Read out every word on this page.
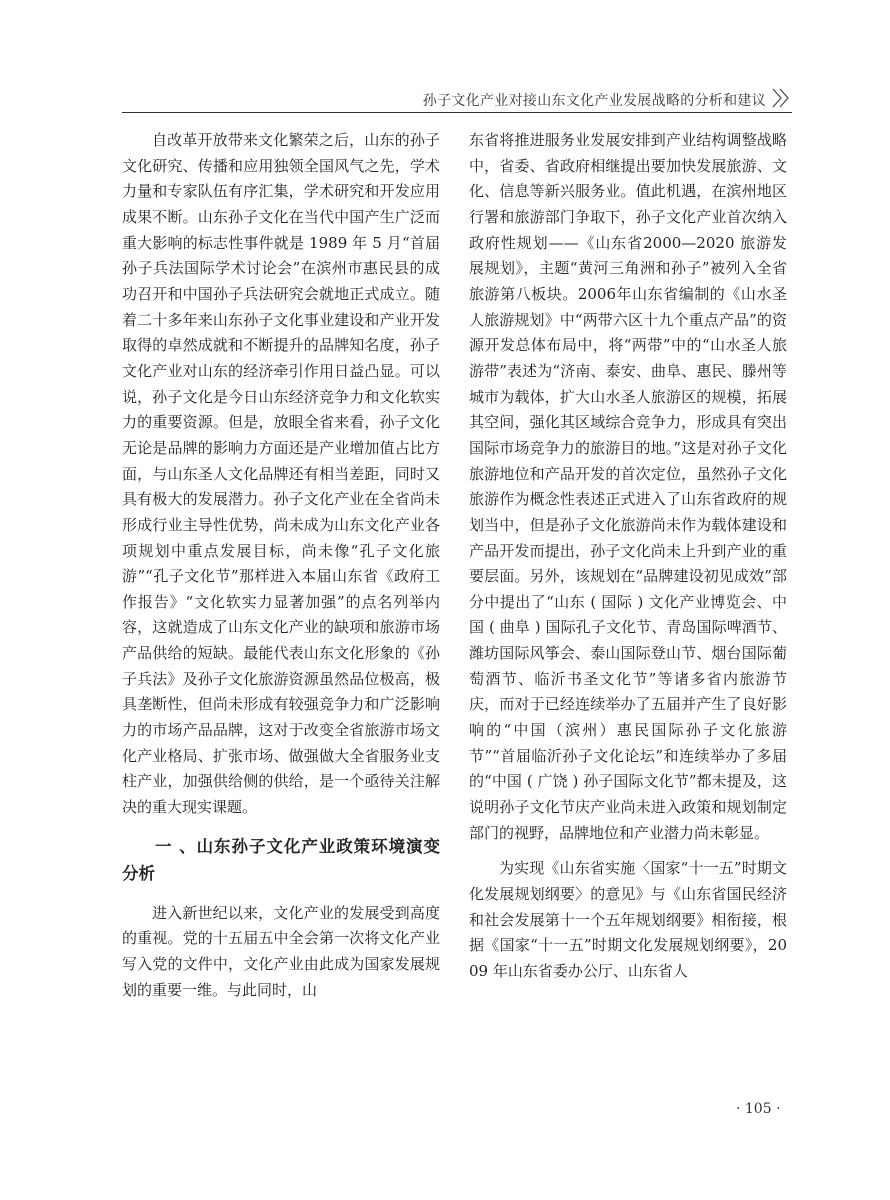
孙子文化产业对接山东文化产业发展战略的分析和建议

自改革开放带来文化繁荣之后，山东的孙子文化研究、传播和应用独领全国风气之先，学术力量和专家队伍有序汇集，学术研究和开发应用成果不断。山东孙子文化在当代中国产生广泛而重大影响的标志性事件就是 1989 年 5 月“首届孙子兵法国际学术讨论会”在滨州市惠民县的成功召开和中国孙子兵法研究会就地正式成立。随着二十多年来山东孙子文化事业建设和产业开发取得的卓然成就和不断提升的品牌知名度，孙子文化产业对山东的经济牵引作用日益凸显。可以说，孙子文化是今日山东经济竞争力和文化软实力的重要资源。但是，放眼全省来看，孙子文化无论是品牌的影响力方面还是产业增加值占比方面，与山东圣人文化品牌还有相当差距，同时又具有极大的发展潜力。孙子文化产业在全省尚未形成行业主导性优势，尚未成为山东文化产业各项规划中重点发展目标，尚未像“孔子文化旅游”“孔子文化节”那样进入本届山东省《政府工作报告》“文化软实力显著加强”的点名列举内容，这就造成了山东文化产业的缺项和旅游市场产品供给的短缺。最能代表山东文化形象的《孙子兵法》及孙子文化旅游资源虽然品位极高，极具垄断性，但尚未形成有较强竞争力和广泛影响力的市场产品品牌，这对于改变全省旅游市场文化产业格局、扩张市场、做强做大全省服务业支柱产业，加强供给侧的供给，是一个亟待关注解决的重大现实课题。

一 、山东孙子文化产业政策环境演变分析

进入新世纪以来，文化产业的发展受到高度的重视。党的十五届五中全会第一次将文化产业写入党的文件中，文化产业由此成为国家发展规划的重要一维。与此同时，山

东省将推进服务业发展安排到产业结构调整战略中，省委、省政府相继提出要加快发展旅游、文化、信息等新兴服务业。值此机遇，在滨州地区行署和旅游部门争取下，孙子文化产业首次纳入政府性规划——《山东省2000—2020 旅游发展规划》，主题“黄河三角洲和孙子”被列入全省旅游第八板块。2006年山东省编制的《山水圣人旅游规划》中“两带六区十九个重点产品”的资源开发总体布局中，将“两带”中的“山水圣人旅游带”表述为“济南、泰安、曲阜、惠民、滕州等城市为载体，扩大山水圣人旅游区的规模，拓展其空间，强化其区域综合竞争力，形成具有突出国际市场竞争力的旅游目的地。”这是对孙子文化旅游地位和产品开发的首次定位，虽然孙子文化旅游作为概念性表述正式进入了山东省政府的规划当中，但是孙子文化旅游尚未作为载体建设和产品开发而提出，孙子文化尚未上升到产业的重要层面。另外，该规划在“品牌建设初见成效”部分中提出了“山东 ( 国际 ) 文化产业博览会、中国 ( 曲阜 ) 国际孔子文化节、青岛国际啤酒节、潍坊国际风筝会、泰山国际登山节、烟台国际葡萄酒节、临沂书圣文化节”等诸多省内旅游节庆，而对于已经连续举办了五届并产生了良好影响的“中国（滨州）惠民国际孙子文化旅游节”“首届临沂孙子文化论坛”和连续举办了多届的“中国 ( 广饶 ) 孙子国际文化节”都未提及，这说明孙子文化节庆产业尚未进入政策和规划制定部门的视野，品牌地位和产业潜力尚未彰显。

为实现《山东省实施〈国家“十一五”时期文化发展规划纲要〉的意见》与《山东省国民经济和社会发展第十一个五年规划纲要》相衔接，根据《国家“十一五”时期文化发展规划纲要》，2009 年山东省委办公厅、山东省人

· 105 ·
